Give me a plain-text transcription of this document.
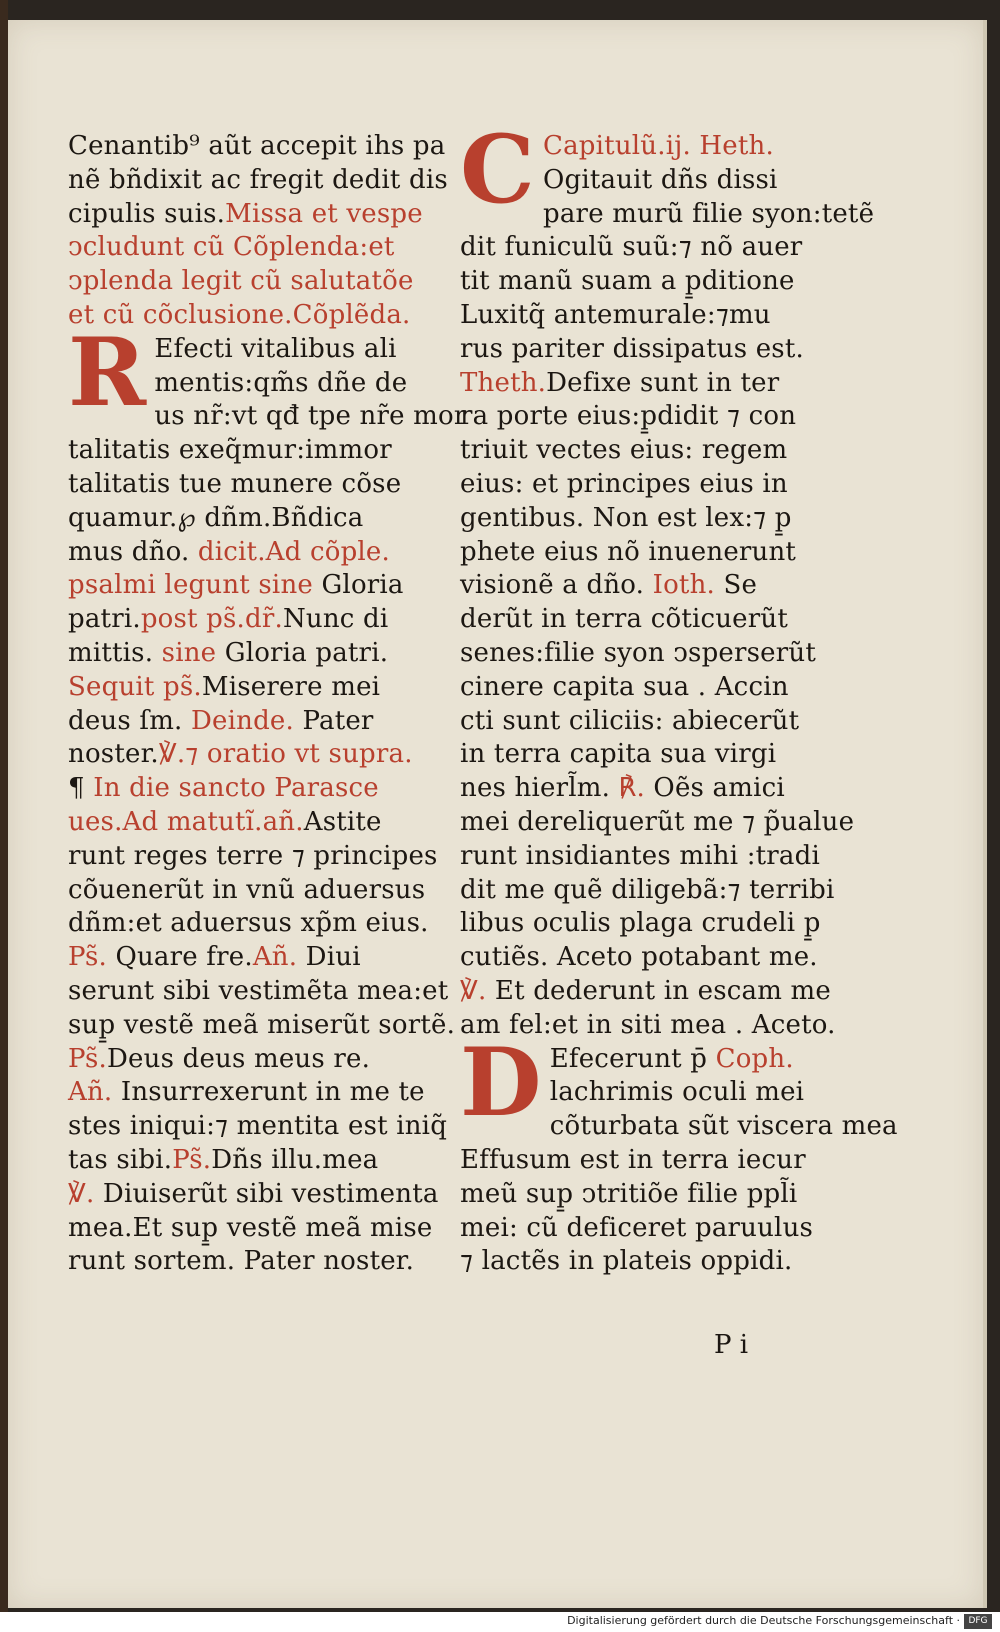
Cenantib⁹ aũt accepit ihs pa
nẽ bñdixit ac fregit dedit dis
cipulis suis.Missa et vespe
ↄcludunt cũ Cõplenda:et
ↄplenda legit cũ salutatõe
et cũ cõclusione.Cõplẽda.
R Efecti vitalibus ali
mentis:qm̃s dñe de
us nr̃:vt qđ tpe nr̃e mor
talitatis exeq̃mur:immor
talitatis tue munere cõse
quamur.℘ dñm.Bñdica
mus dño. dicit.Ad cõple.
psalmi legunt sine Gloria
patri.post ps̃.dr̃.Nunc di
mittis. sine Gloria patri.
Sequit ps̃.Miserere mei
deus ſm. Deinde. Pater
noster.℣.⁊ oratio vt supra.
¶ In die sancto Parasce
ues.Ad matutĩ.añ.Astite
runt reges terre ⁊ principes
cõuenerũt in vnũ aduersus
dñm:et aduersus xp̃m eius.
Ps̃. Quare fre.Añ. Diui
serunt sibi vestimẽta mea:et
sup̱ vestẽ meã miserũt sortẽ.
Ps̃.Deus deus meus re.
Añ. Insurrexerunt in me te
stes iniqui:⁊ mentita est iniq̃
tas sibi.Ps̃.Dñs illu.mea
℣. Diuiserũt sibi vestimenta
mea.Et sup̱ vestẽ meã mise
runt sortem. Pater noster.
C Capitulũ.ij. Heth.
Ogitauit dñs dissi
pare murũ filie syon:tetẽ
dit funiculũ suũ:⁊ nõ auer
tit manũ suam a p̱ditione
Luxitq̃ antemurale:⁊mu
rus pariter dissipatus est.
Theth.Defixe sunt in ter
ra porte eius:p̱didit ⁊ con
triuit vectes eius: regem
eius: et principes eius in
gentibus. Non est lex:⁊ p̱
phete eius nõ inuenerunt
visionẽ a dño. Ioth. Se
derũt in terra cõticuerũt
senes:filie syon ↄsperserũt
cinere capita sua . Accin
cti sunt ciliciis: abiecerũt
in terra capita sua virgi
nes hierl̃m. ℟. Oẽs amici
mei dereliquerũt me ⁊ p̃ualue
runt insidiantes mihi :tradi
dit me quẽ diligebã:⁊ terribi
libus oculis plaga crudeli p̱
cutiẽs. Aceto potabant me.
℣. Et dederunt in escam me
am fel:et in siti mea . Aceto.
D Efecerunt p̄ Coph.
lachrimis oculi mei
cõturbata sũt viscera mea
Effusum est in terra iecur
meũ sup̱ ↄtritiõe filie ppl̃i
mei: cũ deficeret paruulus
⁊ lactẽs in plateis oppidi.
P i
Digitalisierung gefördert durch die Deutsche Forschungsgemeinschaft · DFG
